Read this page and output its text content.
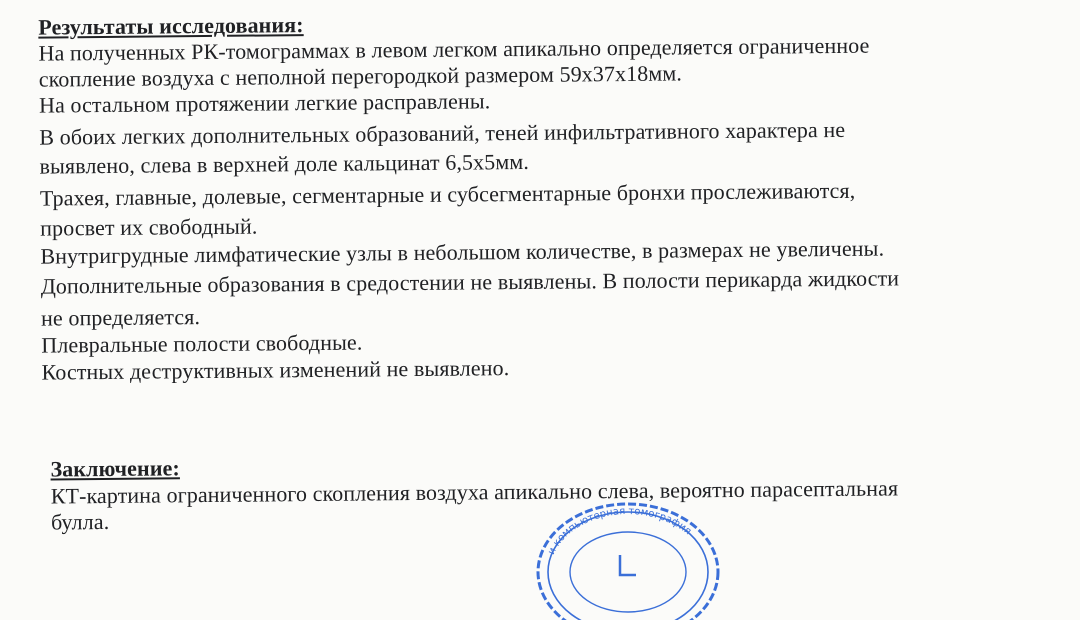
Результаты исследования:
На полученных РК-томограммах в левом легком апикально определяется ограниченное
скопление воздуха с неполной перегородкой размером 59х37х18мм.
На остальном протяжении легкие расправлены.
В обоих легких дополнительных образований, теней инфильтративного характера не
выявлено, слева в верхней доле кальцинат 6,5х5мм.
Трахея, главные, долевые, сегментарные и субсегментарные бронхи прослеживаются,
просвет их свободный.
Внутригрудные лимфатические узлы в небольшом количестве, в размерах не увеличены.
Дополнительные образования в средостении не выявлены. В полости перикарда жидкости
не определяется.
Плевральные полости свободные.
Костных деструктивных изменений не выявлено.
Заключение:
КТ-картина ограниченного скопления воздуха апикально слева, вероятно парасептальная
булла.
и компьютерная томография
